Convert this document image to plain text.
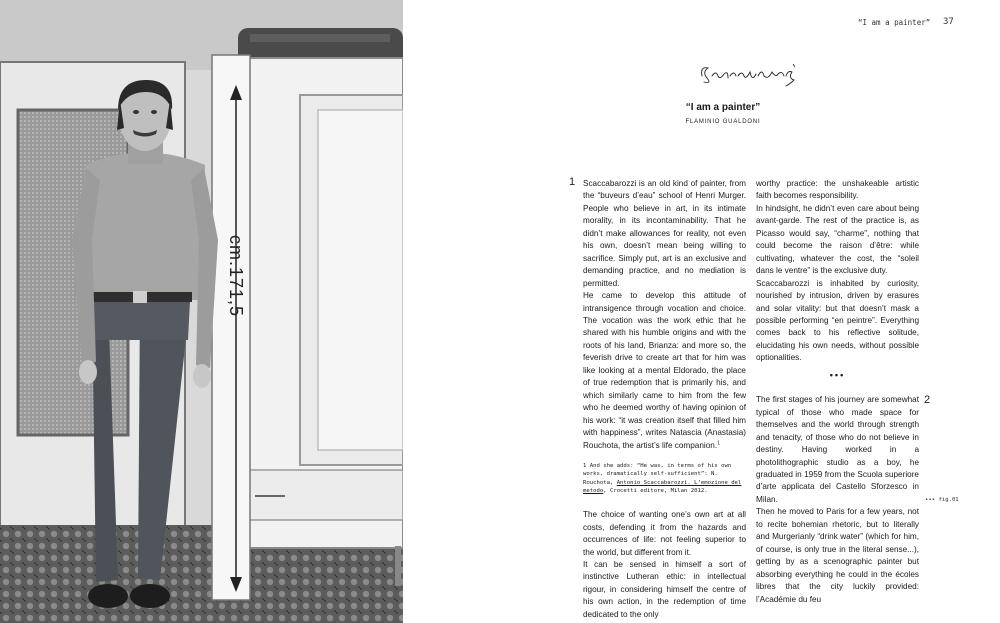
cm.171,5
“I am a painter” 37
“I am a painter”
FLAMINIO GUALDONI
1 Scaccabarozzi is an old kind of painter, from the “buveurs d’eau” school of Henri Murger. People who believe in art, in its intimate morality, in its incontaminability. That he didn’t make allowances for reality, not even his own, doesn’t mean being willing to sacrifice. Simply put, art is an exclusive and demanding practice, and no mediation is permitted.

He came to develop this attitude of intransigence through vocation and choice. The vocation was the work ethic that he shared with his humble origins and with the roots of his land, Brianza: and more so, the feverish drive to create art that for him was like looking at a mental Eldorado, the place of true redemption that is primarily his, and which similarly came to him from the few who he deemed worthy of having opinion of his work: “it was creation itself that filled him with happiness”, writes Natascia (Anastasia) Rouchota, the artist’s life companion.$^1$

1 And she adds: “He was, in terms of his own works, dramatically self-sufficient”: N. Rouchota, Antonio Scaccabarozzi. L’emozione del metodo, Crocetti editore, Milan 2012.

The choice of wanting one’s own art at all costs, defending it from the hazards and occurrences of life: not feeling superior to the world, but different from it.

It can be sensed in himself a sort of instinctive Lutheran ethic: in intellectual rigour, in considering himself the centre of his own action, in the redemption of time dedicated to the only

worthy practice: the unshakeable artistic faith becomes responsibility.

In hindsight, he didn’t even care about being avant-garde. The rest of the practice is, as Picasso would say, “charme”, nothing that could become the raison d’être: while cultivating, whatever the cost, the “soleil dans le ventre” is the exclusive duty.

Scaccabarozzi is inhabited by curiosity, nourished by intrusion, driven by erasures and solar vitality: but that doesn’t mask a possible performing “en peintre”. Everything comes back to his reflective solitude, elucidating his own needs, without possible optionalities.

•••

The first stages of his journey are somewhat typical of those who made space for themselves and the world through strength and tenacity, of those who do not believe in destiny. Having worked in a photolithographic studio as a boy, he graduated in 1959 from the Scuola superiore d’arte applicata del Castello Sforzesco in Milan.

Then he moved to Paris for a few years, not to recite bohemian rhetoric, but to literally and Murgerianly “drink water” (which for him, of course, is only true in the literal sense...), getting by as a scenographic painter but absorbing everything he could in the écoles libres that the city luckily provided: l’Académie du feu

2
••• fig.01
